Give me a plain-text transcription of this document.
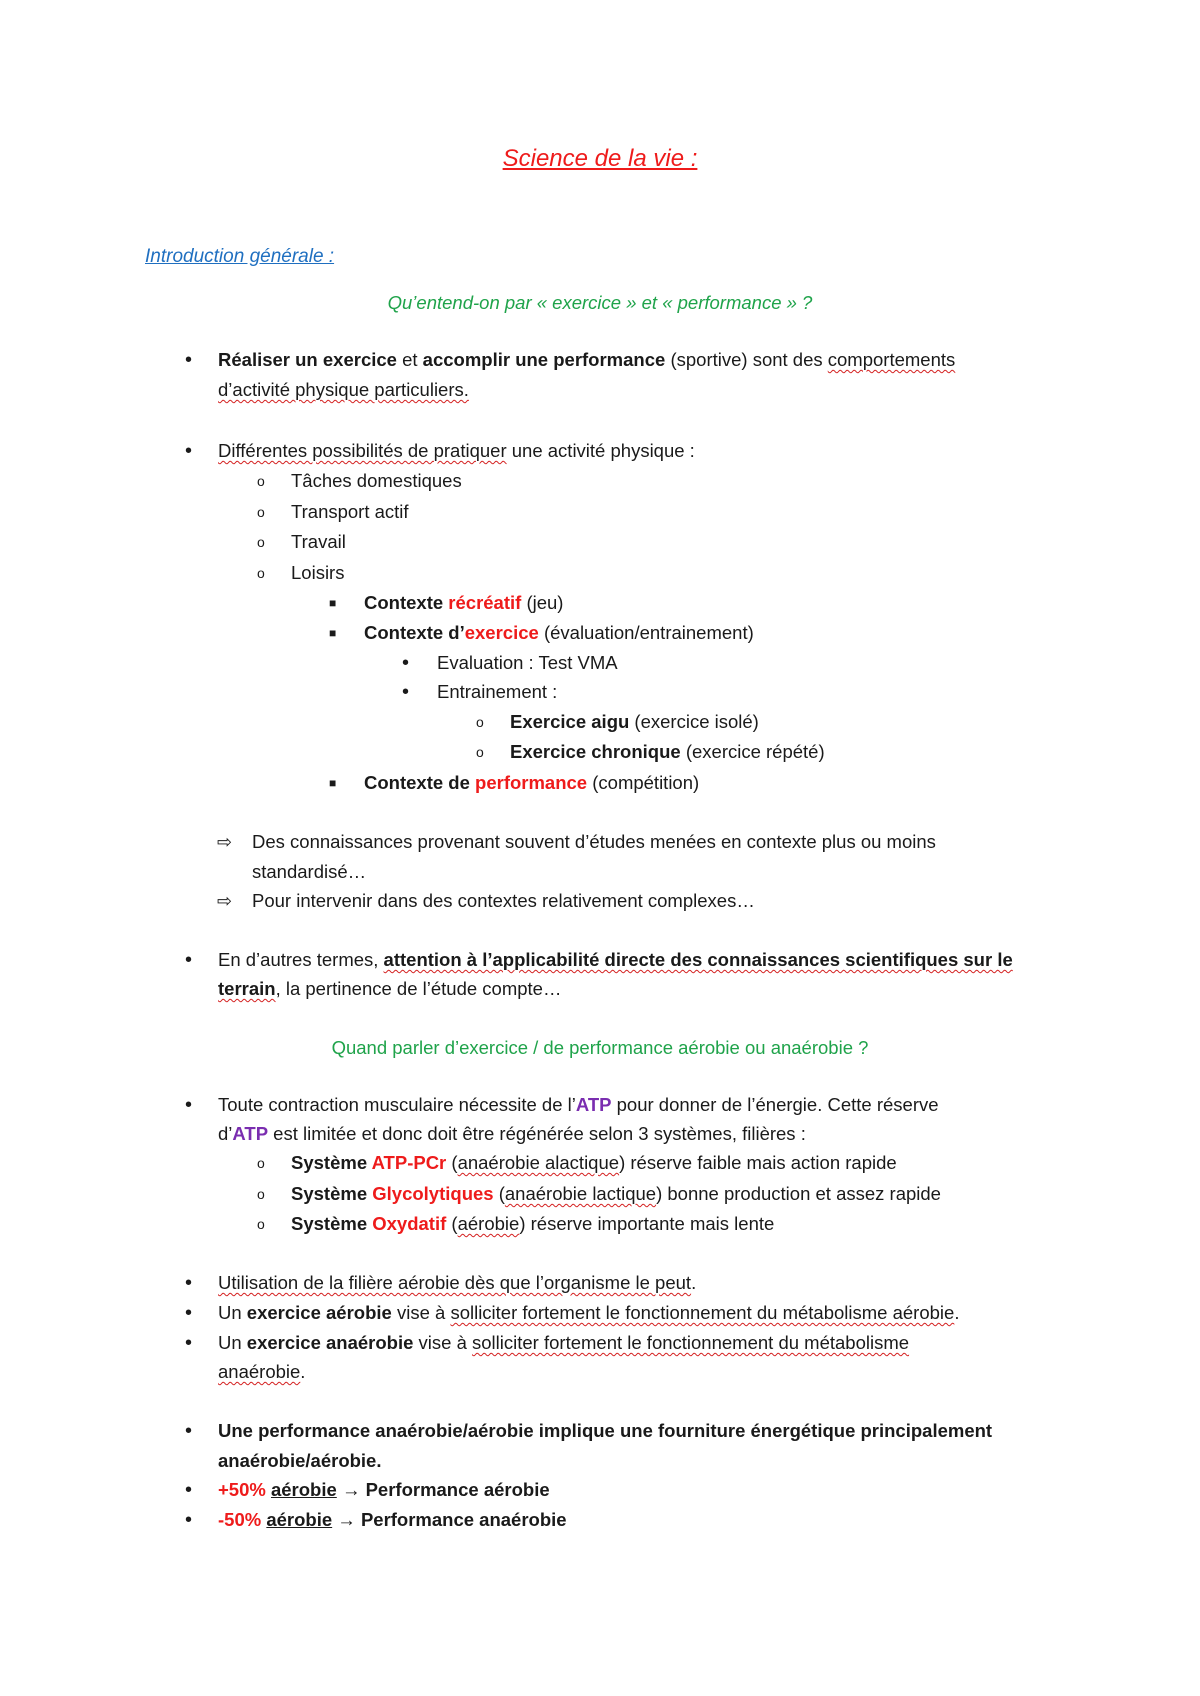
Science de la vie :
Introduction générale :
Qu’entend-on par « exercice » et « performance » ?
• Réaliser un exercice et accomplir une performance (sportive) sont des comportements
d’activité physique particuliers.
• Différentes possibilités de pratiquer une activité physique :
o Tâches domestiques
o Transport actif
o Travail
o Loisirs
■ Contexte récréatif (jeu)
■ Contexte d’exercice (évaluation/entrainement)
• Evaluation : Test VMA
• Entrainement :
o Exercice aigu (exercice isolé)
o Exercice chronique (exercice répété)
■ Contexte de performance (compétition)
⇨ Des connaissances provenant souvent d’études menées en contexte plus ou moins
standardisé…
⇨ Pour intervenir dans des contextes relativement complexes…
• En d’autres termes, attention à l’applicabilité directe des connaissances scientifiques sur le
terrain, la pertinence de l’étude compte…
Quand parler d’exercice / de performance aérobie ou anaérobie ?
• Toute contraction musculaire nécessite de l’ATP pour donner de l’énergie. Cette réserve
d’ATP est limitée et donc doit être régénérée selon 3 systèmes, filières :
o Système ATP-PCr (anaérobie alactique) réserve faible mais action rapide
o Système Glycolytiques (anaérobie lactique) bonne production et assez rapide
o Système Oxydatif (aérobie) réserve importante mais lente
• Utilisation de la filière aérobie dès que l’organisme le peut.
• Un exercice aérobie vise à solliciter fortement le fonctionnement du métabolisme aérobie.
• Un exercice anaérobie vise à solliciter fortement le fonctionnement du métabolisme
anaérobie.
• Une performance anaérobie/aérobie implique une fourniture énergétique principalement
anaérobie/aérobie.
• +50% aérobie → Performance aérobie
• -50% aérobie → Performance anaérobie
